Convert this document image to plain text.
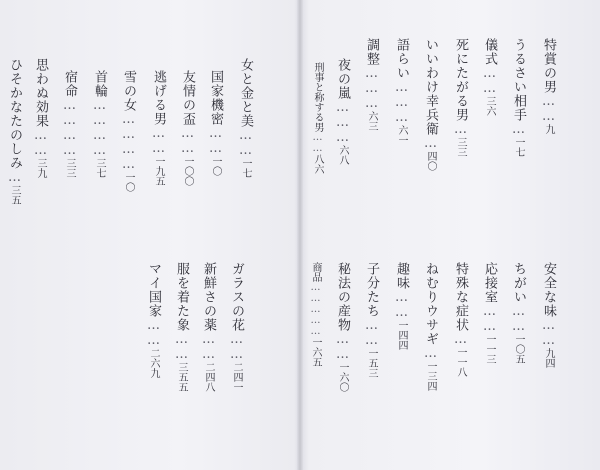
女と金と美……一七
国家機密……一〇
友情の盃……一〇〇
逃げる男……一九五
雪の女…………一〇
首輪…………三七
宿命…………三三
思わぬ効果……三九
ひそかなたのしみ…三五
ガラスの花……二四一
新鮮さの薬……二四八
服を着た象……三五五
マイ国家……二六九
特賞の男……九
うるさい相手…一七
儀式……三六
死にたがる男…三三
いいわけ幸兵衛…四〇
語らい………六一
調整………六三
夜の嵐………六八
刑事と称する男……八六
安全な味……九四
ちがい……一〇五
応接室……一一三
特殊な症状…一一八
ねむりウサギ…一三四
趣味……一四四
子分たち……一五三
秘法の産物……一六〇
商品……………一六五
